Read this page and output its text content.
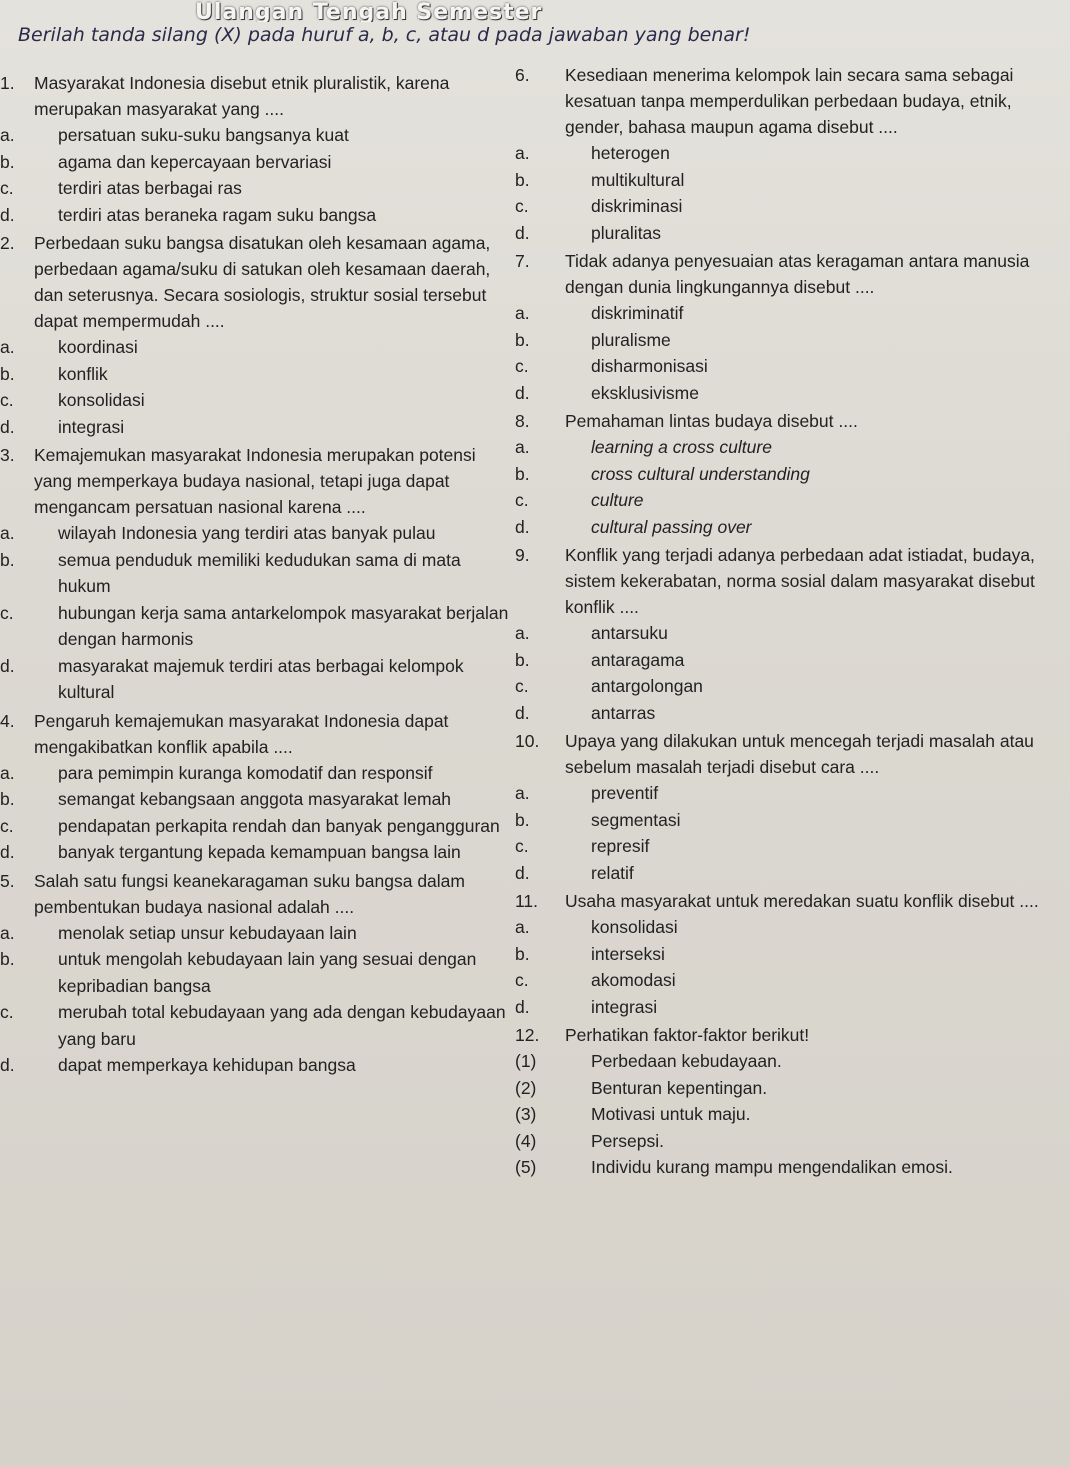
Ulangan Tengah Semester
Berilah tanda silang (X) pada huruf a, b, c, atau d pada jawaban yang benar!
1. Masyarakat Indonesia disebut etnik pluralistik, karena merupakan masyarakat yang ....
a. persatuan suku-suku bangsanya kuat
b. agama dan kepercayaan bervariasi
c.	terdiri atas berbagai ras
d. terdiri atas beraneka ragam suku bangsa
2. Perbedaan suku bangsa disatukan oleh kesamaan agama, perbedaan agama/suku di satukan oleh kesamaan daerah, dan seterusnya. Secara sosiologis, struktur sosial tersebut dapat mempermudah ....
a. koordinasi
b. konflik
c.	konsolidasi
d. integrasi
3. Kemajemukan masyarakat Indonesia merupakan potensi yang memperkaya budaya nasional, tetapi juga dapat mengancam persatuan nasional karena ....
a. wilayah Indonesia yang terdiri atas banyak pulau
b. semua penduduk memiliki kedudukan sama di mata hukum
c.	hubungan kerja sama antarkelompok masyarakat berjalan dengan harmonis
d. masyarakat majemuk terdiri atas berbagai kelompok kultural
4. Pengaruh kemajemukan masyarakat Indonesia dapat mengakibatkan konflik apabila ....
a. para pemimpin kuranga komodatif dan responsif
b. semangat kebangsaan anggota masyarakat lemah
c.	pendapatan perkapita rendah dan banyak pengangguran
d. banyak tergantung kepada kemampuan bangsa lain
5. Salah satu fungsi keanekaragaman suku bangsa dalam pembentukan budaya nasional adalah ....
a. menolak setiap unsur kebudayaan lain
b. untuk mengolah kebudayaan lain yang sesuai dengan kepribadian bangsa
c.	merubah total kebudayaan yang ada dengan kebudayaan yang baru
d. dapat memperkaya kehidupan bangsa
6. Kesediaan menerima kelompok lain secara sama sebagai kesatuan tanpa memperdulikan perbedaan budaya, etnik, gender, bahasa maupun agama disebut ....
a.	heterogen
b.	multikultural
c.	diskriminasi
d.	pluralitas
7. Tidak adanya penyesuaian atas keragaman antara manusia dengan dunia lingkungannya disebut ....
a.	diskriminatif
b.	pluralisme
c.	disharmonisasi
d.	eksklusivisme
8. Pemahaman lintas budaya disebut ....
a.	learning a cross culture
b.	cross cultural understanding
c.	culture
d.	cultural passing over
9. Konflik yang terjadi adanya perbedaan adat istiadat, budaya, sistem kekerabatan, norma sosial dalam masyarakat disebut konflik ....
a.	antarsuku
b.	antaragama
c.	antargolongan
d.	antarras
10. Upaya yang dilakukan untuk mencegah terjadi masalah atau sebelum masalah terjadi disebut cara ....
a.	preventif
b.	segmentasi
c.	represif
d.	relatif
11. Usaha masyarakat untuk meredakan suatu konflik disebut ....
a.	konsolidasi
b.	interseksi
c.	akomodasi
d.	integrasi
12. Perhatikan faktor-faktor berikut!
(1)	Perbedaan kebudayaan.
(2)	Benturan kepentingan.
(3)	Motivasi untuk maju.
(4)	Persepsi.
(5)	Individu kurang mampu mengendalikan emosi.
